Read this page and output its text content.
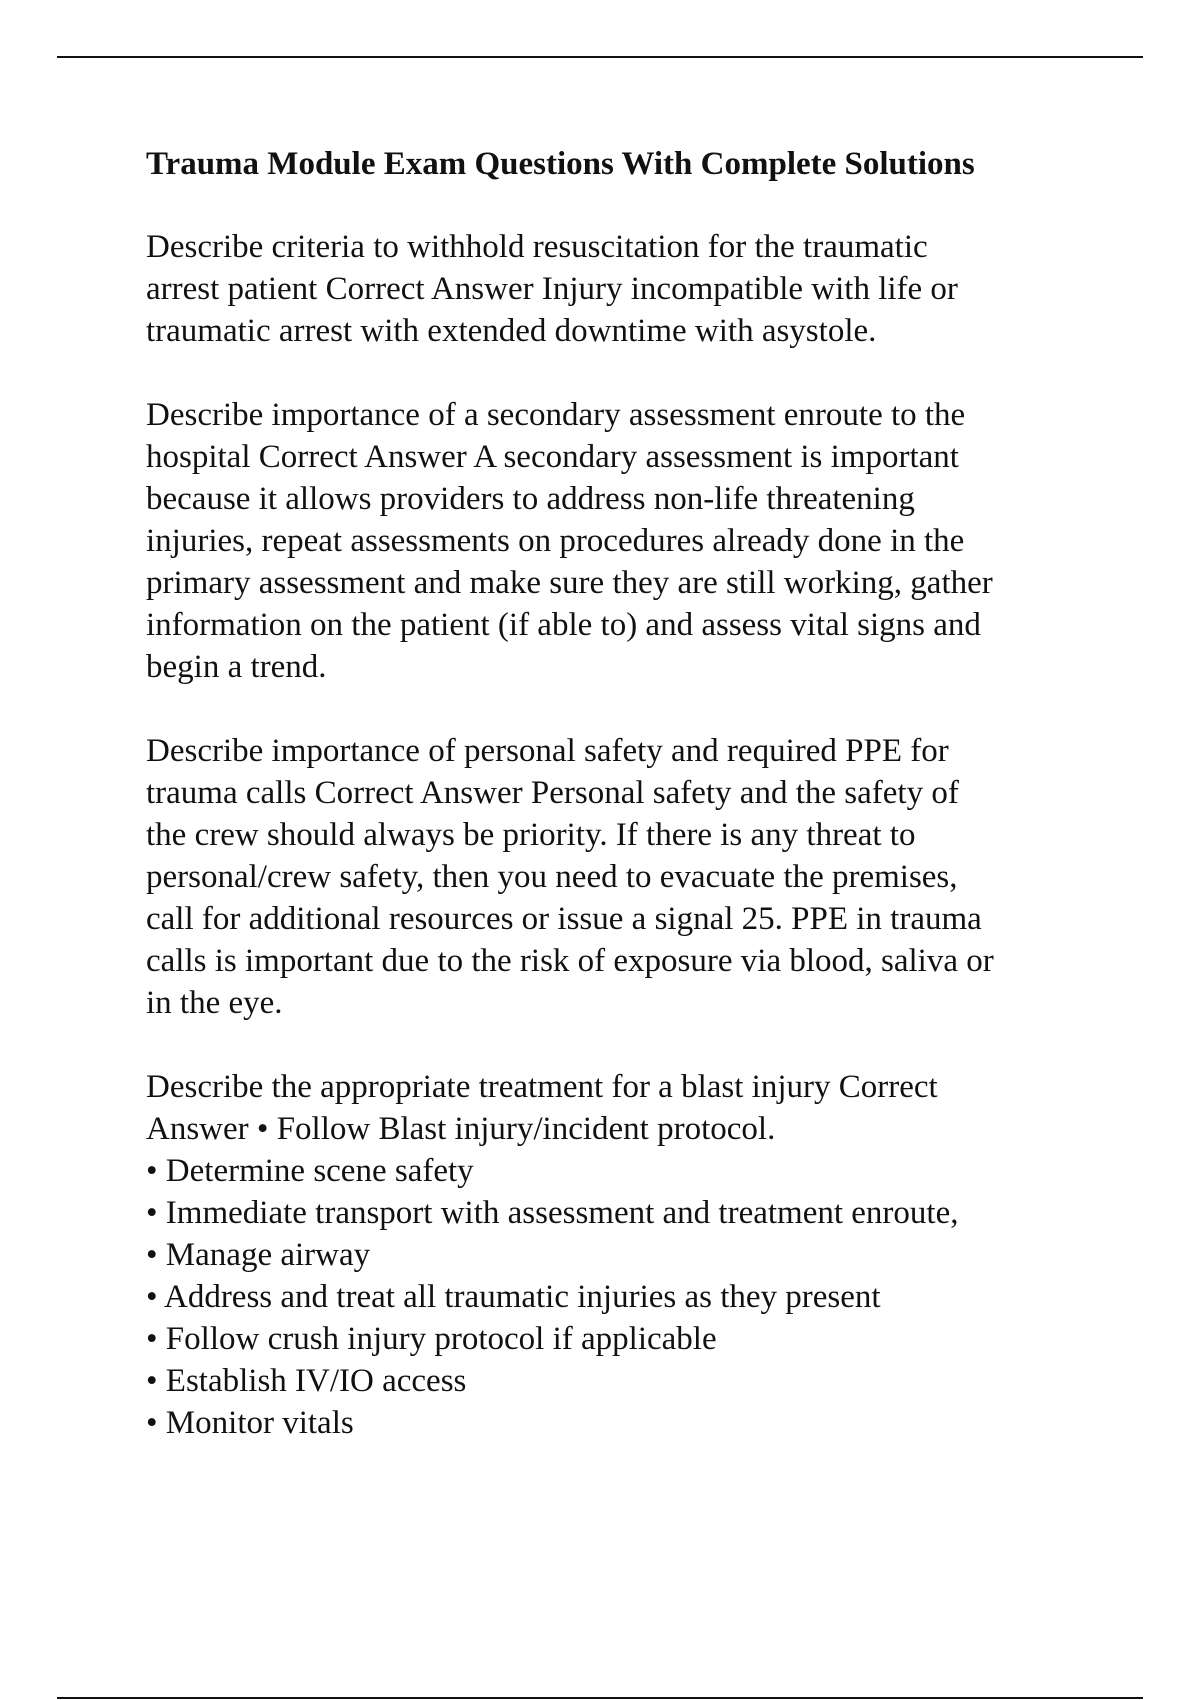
Trauma Module Exam Questions With Complete Solutions
Describe criteria to withhold resuscitation for the traumatic
arrest patient Correct Answer Injury incompatible with life or
traumatic arrest with extended downtime with asystole.
Describe importance of a secondary assessment enroute to the
hospital Correct Answer A secondary assessment is important
because it allows providers to address non-life threatening
injuries, repeat assessments on procedures already done in the
primary assessment and make sure they are still working, gather
information on the patient (if able to) and assess vital signs and
begin a trend.
Describe importance of personal safety and required PPE for
trauma calls Correct Answer Personal safety and the safety of
the crew should always be priority. If there is any threat to
personal/crew safety, then you need to evacuate the premises,
call for additional resources or issue a signal 25. PPE in trauma
calls is important due to the risk of exposure via blood, saliva or
in the eye.
Describe the appropriate treatment for a blast injury Correct
Answer • Follow Blast injury/incident protocol.
• Determine scene safety
• Immediate transport with assessment and treatment enroute,
• Manage airway
• Address and treat all traumatic injuries as they present
• Follow crush injury protocol if applicable
• Establish IV/IO access
• Monitor vitals
